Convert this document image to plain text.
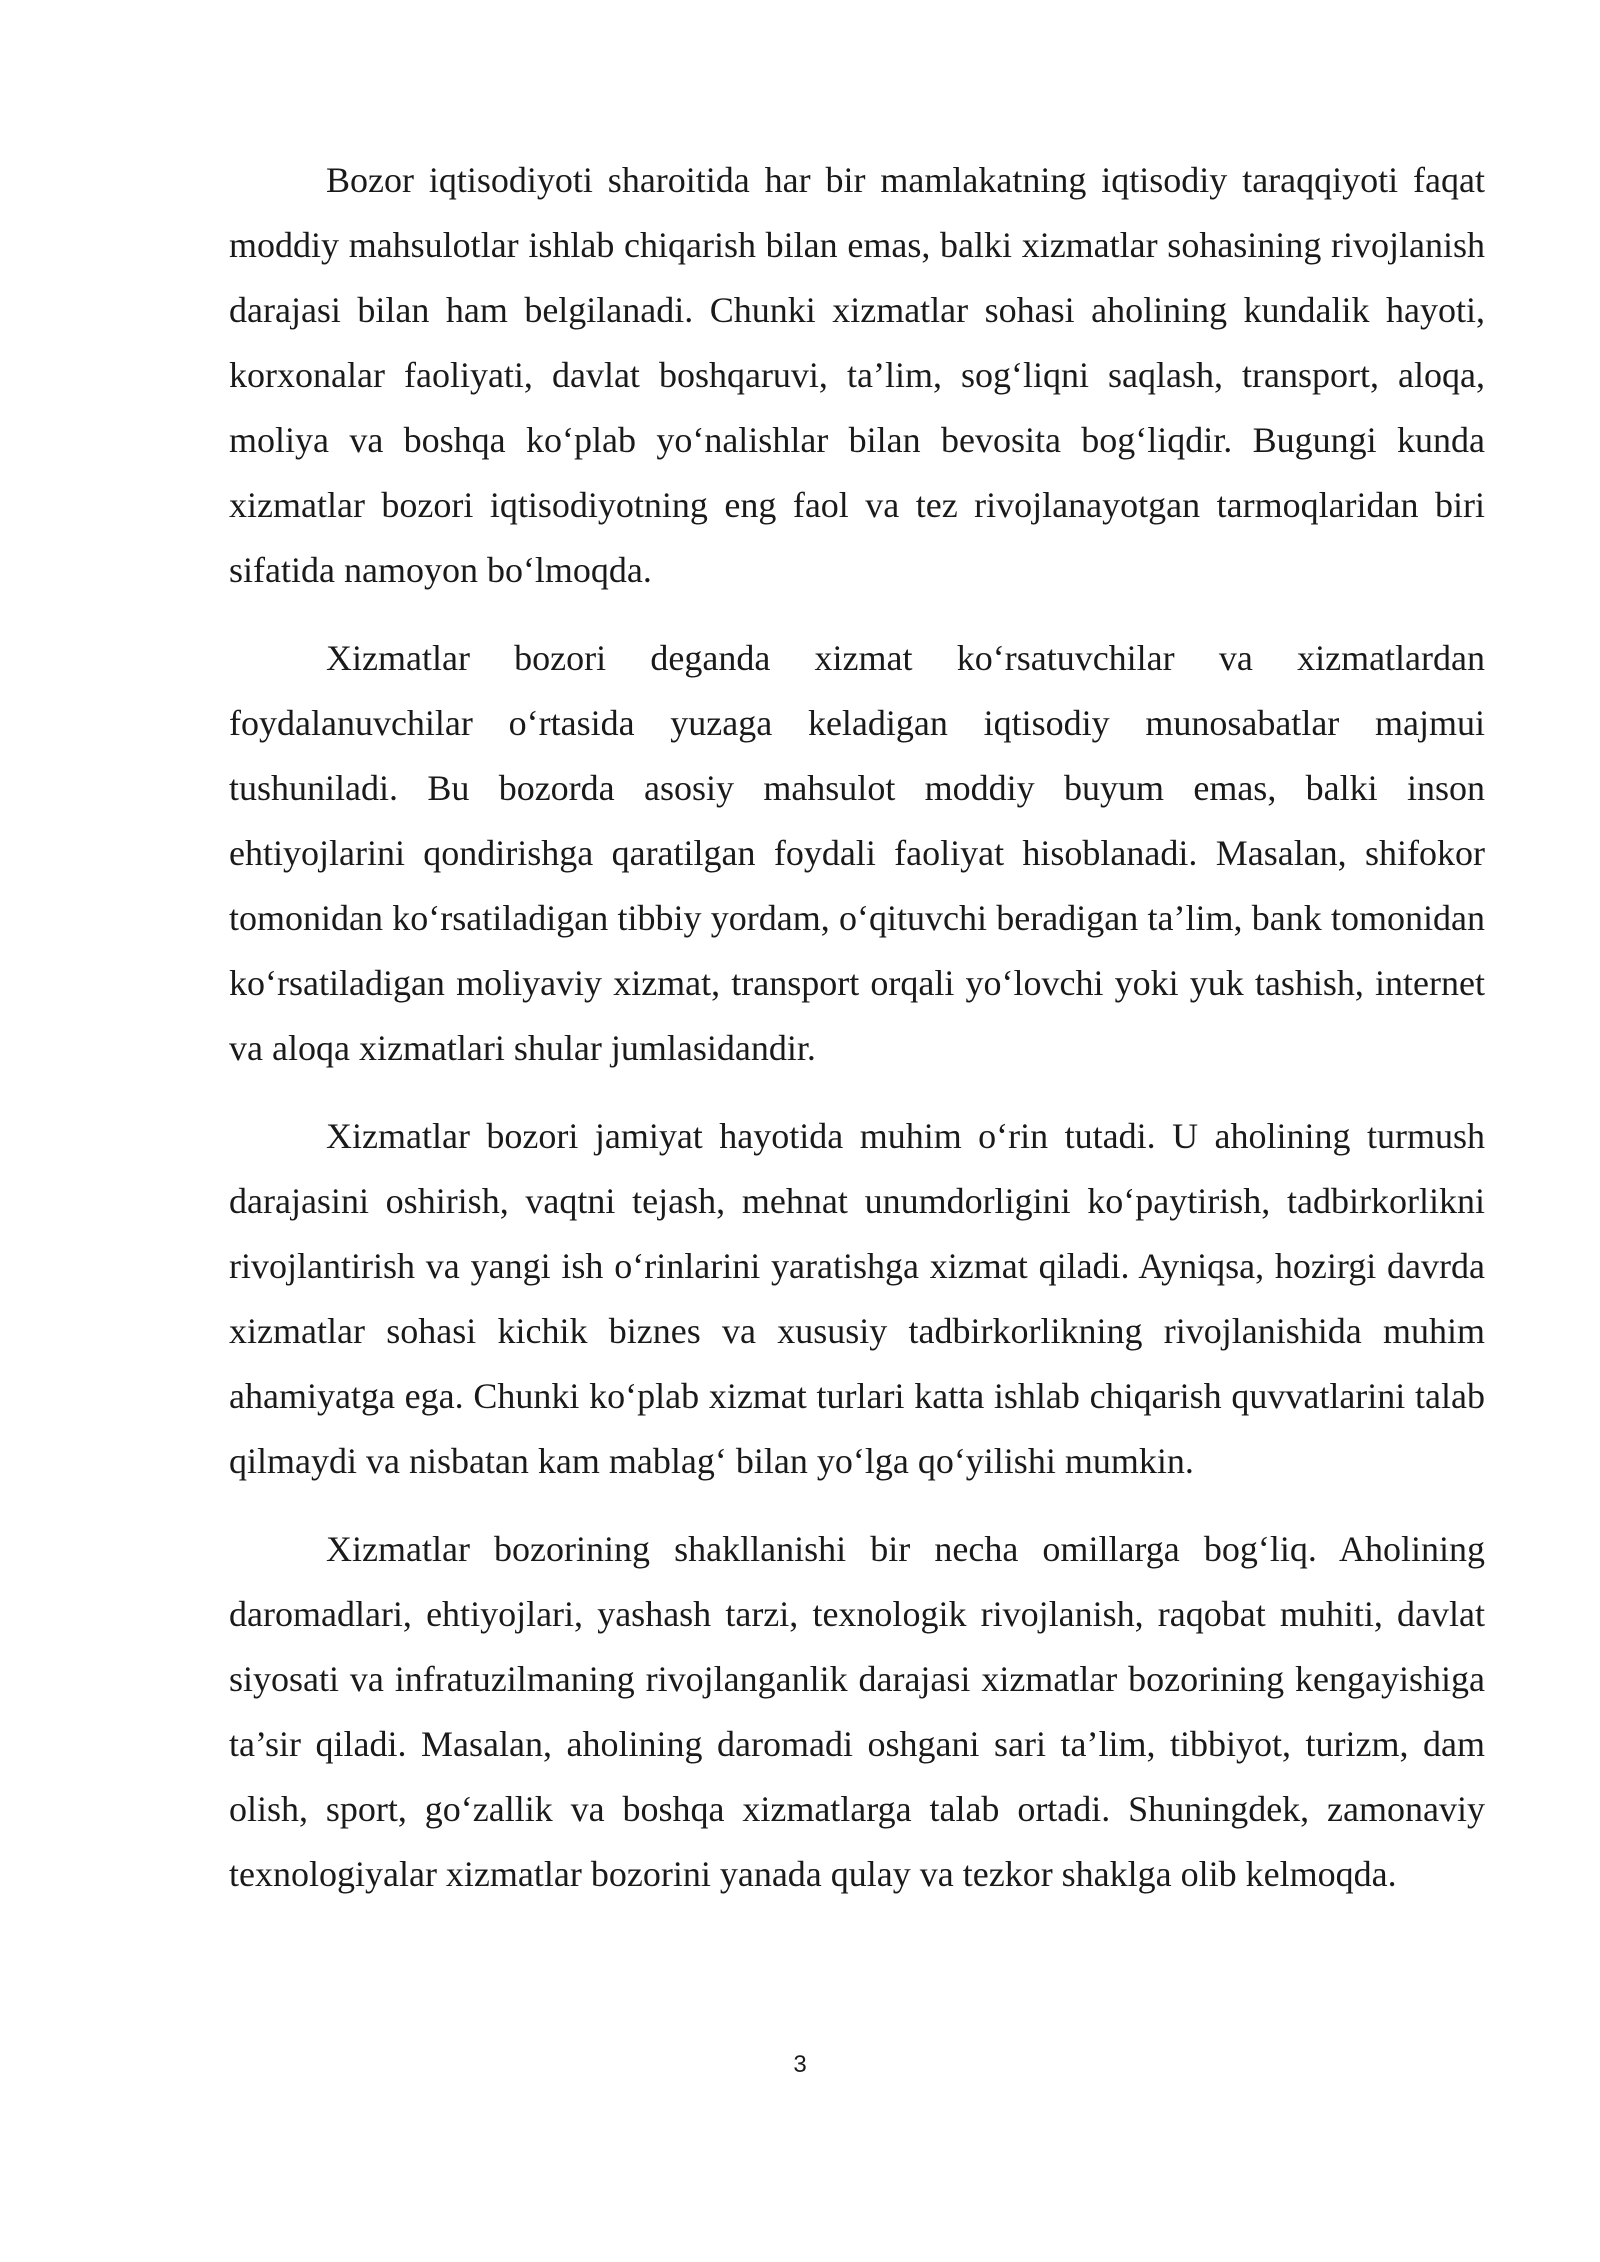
Bozor iqtisodiyoti sharoitida har bir mamlakatning iqtisodiy taraqqiyoti faqat moddiy mahsulotlar ishlab chiqarish bilan emas, balki xizmatlar sohasining rivojlanish darajasi bilan ham belgilanadi. Chunki xizmatlar sohasi aholining kundalik hayoti, korxonalar faoliyati, davlat boshqaruvi, ta’lim, sog‘liqni saqlash, transport, aloqa, moliya va boshqa ko‘plab yo‘nalishlar bilan bevosita bog‘liqdir. Bugungi kunda xizmatlar bozori iqtisodiyotning eng faol va tez rivojlanayotgan tarmoqlaridan biri sifatida namoyon bo‘lmoqda.

Xizmatlar bozori deganda xizmat ko‘rsatuvchilar va xizmatlardan foydalanuvchilar o‘rtasida yuzaga keladigan iqtisodiy munosabatlar majmui tushuniladi. Bu bozorda asosiy mahsulot moddiy buyum emas, balki inson ehtiyojlarini qondirishga qaratilgan foydali faoliyat hisoblanadi. Masalan, shifokor tomonidan ko‘rsatiladigan tibbiy yordam, o‘qituvchi beradigan ta’lim, bank tomonidan ko‘rsatiladigan moliyaviy xizmat, transport orqali yo‘lovchi yoki yuk tashish, internet va aloqa xizmatlari shular jumlasidandir.

Xizmatlar bozori jamiyat hayotida muhim o‘rin tutadi. U aholining turmush darajasini oshirish, vaqtni tejash, mehnat unumdorligini ko‘paytirish, tadbirkorlikni rivojlantirish va yangi ish o‘rinlarini yaratishga xizmat qiladi. Ayniqsa, hozirgi davrda xizmatlar sohasi kichik biznes va xususiy tadbirkorlikning rivojlanishida muhim ahamiyatga ega. Chunki ko‘plab xizmat turlari katta ishlab chiqarish quvvatlarini talab qilmaydi va nisbatan kam mablag‘ bilan yo‘lga qo‘yilishi mumkin.

Xizmatlar bozorining shakllanishi bir necha omillarga bog‘liq. Aholining daromadlari, ehtiyojlari, yashash tarzi, texnologik rivojlanish, raqobat muhiti, davlat siyosati va infratuzilmaning rivojlanganlik darajasi xizmatlar bozorining kengayishiga ta’sir qiladi. Masalan, aholining daromadi oshgani sari ta’lim, tibbiyot, turizm, dam olish, sport, go‘zallik va boshqa xizmatlarga talab ortadi. Shuningdek, zamonaviy texnologiyalar xizmatlar bozorini yanada qulay va tezkor shaklga olib kelmoqda.

3
